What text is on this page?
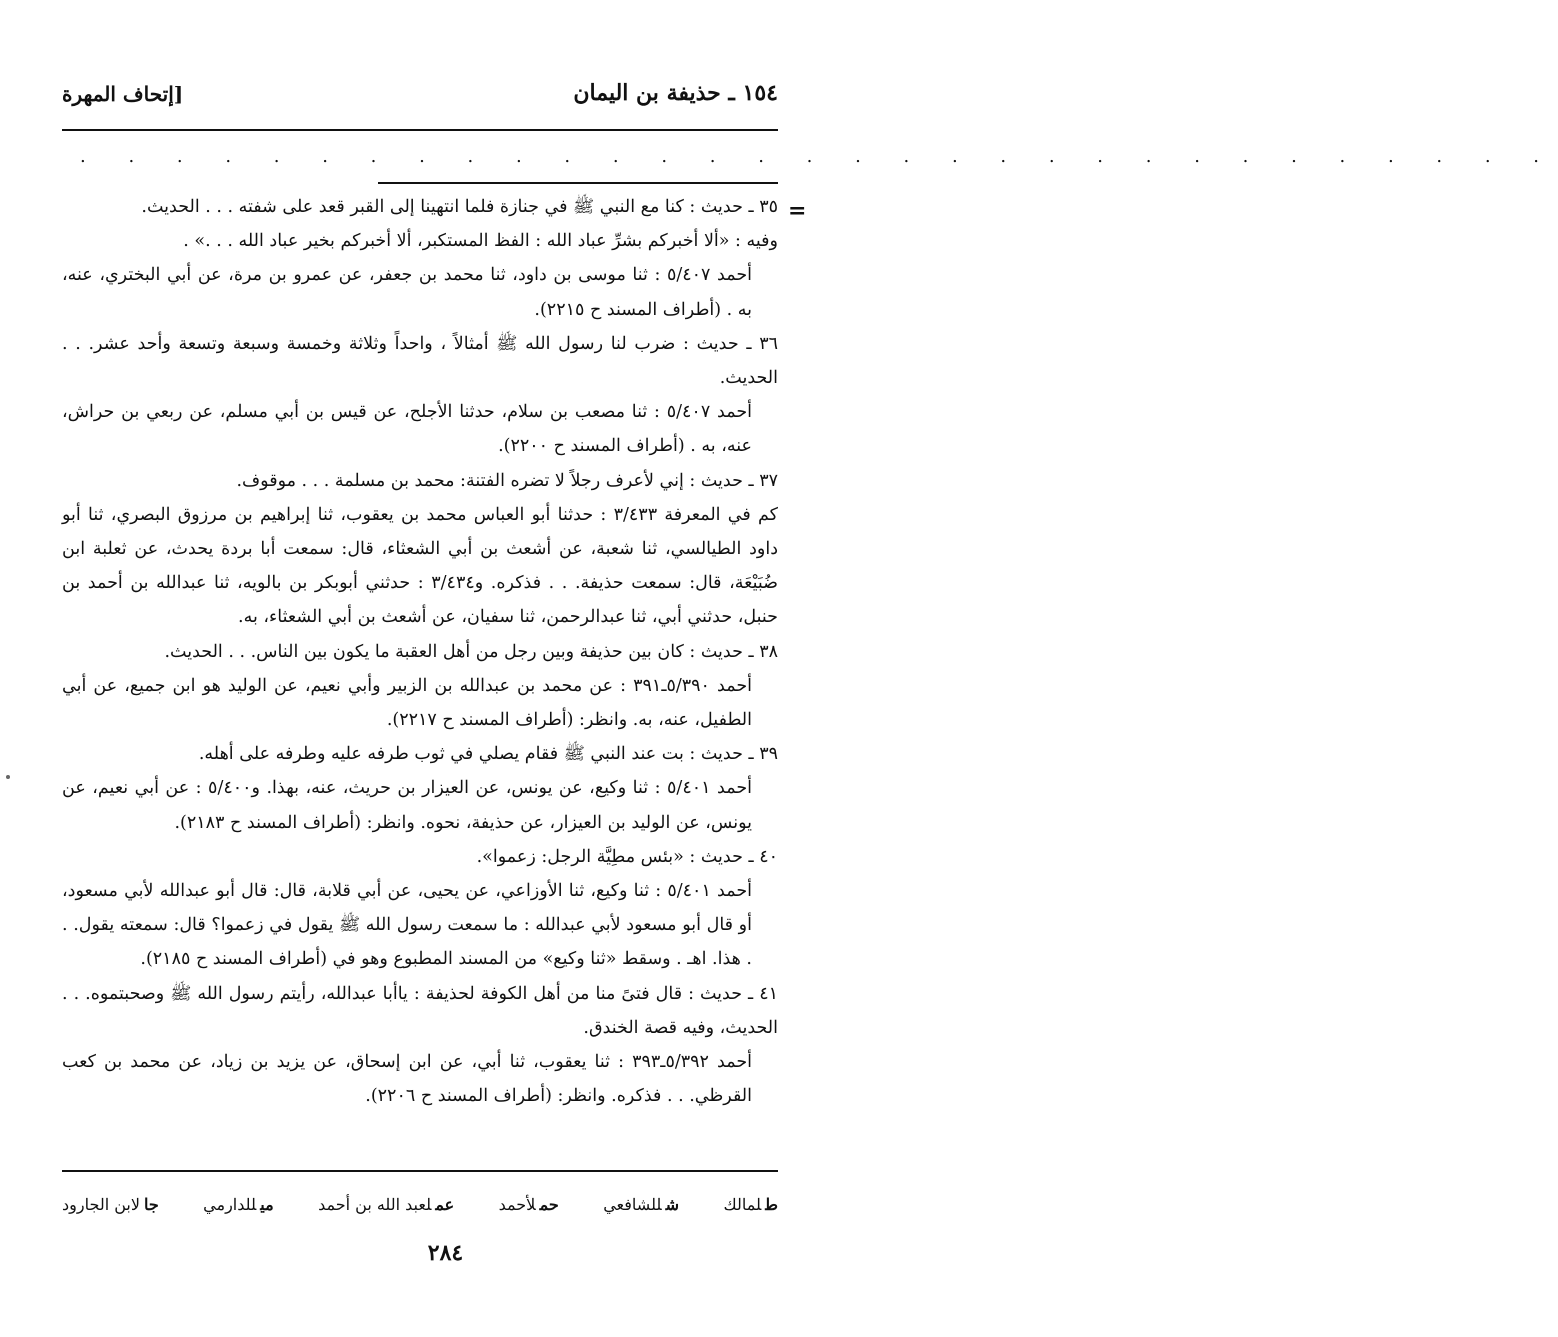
١٥٤ ـ حذيفة بن اليمان
[إتحاف المهرة
. . . . . . . . . . . . . . . . . . . . . . . . . . . . . . .
=

٣٥ ـ حديث : كنا مع النبي ﷺ في جنازة فلما انتهينا إلى القبر قعد على شفته . . . الحديث.

وفيه : «ألا أخبركم بشرِّ عباد الله : الفظ المستكبر، ألا أخبركم بخير عباد الله . . .» .

أحمد ٥/٤٠٧ : ثنا موسى بن داود، ثنا محمد بن جعفر، عن عمرو بن مرة، عن أبي البختري، عنه، به . (أطراف المسند ح ٢٢١٥).

٣٦ ـ حديث : ضرب لنا رسول الله ﷺ أمثالاً ، واحداً وثلاثة وخمسة وسبعة وتسعة وأحد عشر. . . الحديث.

أحمد ٥/٤٠٧ : ثنا مصعب بن سلام، حدثنا الأجلح، عن قيس بن أبي مسلم، عن ربعي بن حراش، عنه، به . (أطراف المسند ح ٢٢٠٠).

٣٧ ـ حديث : إني لأعرف رجلاً لا تضره الفتنة: محمد بن مسلمة . . . موقوف.

كم في المعرفة ٣/٤٣٣ : حدثنا أبو العباس محمد بن يعقوب، ثنا إبراهيم بن مرزوق البصري، ثنا أبو داود الطيالسي، ثنا شعبة، عن أشعث بن أبي الشعثاء، قال: سمعت أبا بردة يحدث، عن ثعلبة ابن ضُبَيْعَة، قال: سمعت حذيفة. . . فذكره. و٣/٤٣٤ : حدثني أبوبكر بن بالويه، ثنا عبدالله بن أحمد بن حنبل، حدثني أبي، ثنا عبدالرحمن، ثنا سفيان، عن أشعث بن أبي الشعثاء، به.

٣٨ ـ حديث : كان بين حذيفة وبين رجل من أهل العقبة ما يكون بين الناس. . . الحديث.

أحمد ٥/٣٩٠ـ٣٩١ : عن محمد بن عبدالله بن الزبير وأبي نعيم، عن الوليد هو ابن جميع، عن أبي الطفيل، عنه، به. وانظر: (أطراف المسند ح ٢٢١٧).

٣٩ ـ حديث : بت عند النبي ﷺ فقام يصلي في ثوب طرفه عليه وطرفه على أهله.

أحمد ٥/٤٠١ : ثنا وكيع، عن يونس، عن العيزار بن حريث، عنه، بهذا. و٥/٤٠٠ : عن أبي نعيم، عن يونس، عن الوليد بن العيزار، عن حذيفة، نحوه. وانظر: (أطراف المسند ح ٢١٨٣).

٤٠ ـ حديث : «بئس مطِيَّة الرجل: زعموا».

أحمد ٥/٤٠١ : ثنا وكيع، ثنا الأوزاعي، عن يحيى، عن أبي قلابة، قال: قال أبو عبدالله لأبي مسعود، أو قال أبو مسعود لأبي عبدالله : ما سمعت رسول الله ﷺ يقول في زعموا؟ قال: سمعته يقول. . . هذا. اهـ . وسقط «ثنا وكيع» من المسند المطبوع وهو في (أطراف المسند ح ٢١٨٥).

٤١ ـ حديث : قال فتىً منا من أهل الكوفة لحذيفة : ياأبا عبدالله، رأيتم رسول الله ﷺ وصحبتموه. . . الحديث، وفيه قصة الخندق.

أحمد ٥/٣٩٢ـ٣٩٣ : ثنا يعقوب، ثنا أبي، عن ابن إسحاق، عن يزيد بن زياد، عن محمد بن كعب القرظي. . . فذكره. وانظر: (أطراف المسند ح ٢٢٠٦).

طلمالك
شللشافعي
حملأحمد
عملعبد الله بن أحمد
ميللدارمي
جالابن الجارود
٢٨٤
